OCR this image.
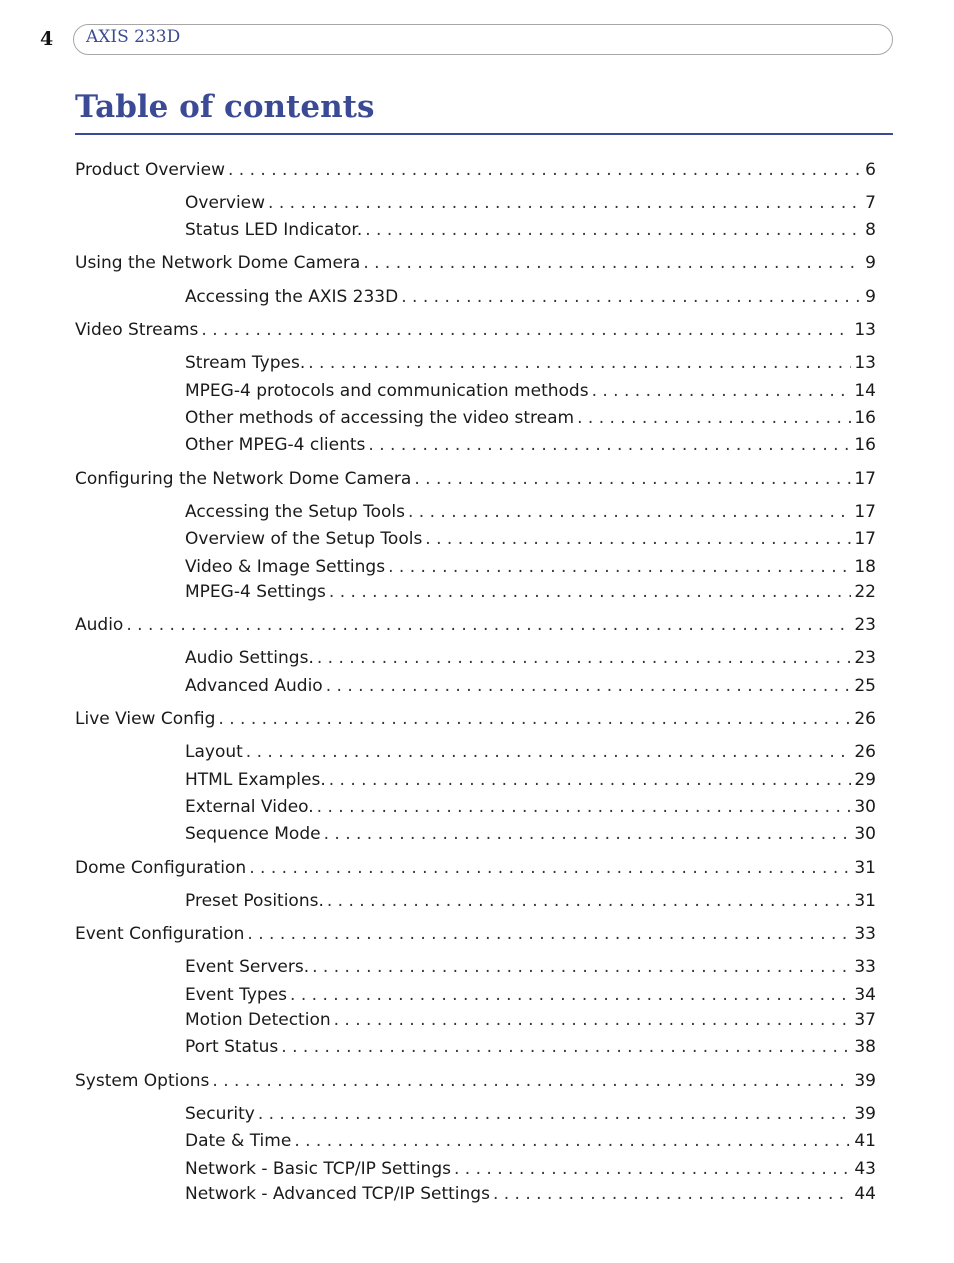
4 AXIS 233D
Table of contents
Product Overview . . .	6
Overview . . .	7
Status LED Indicator. . . .	8
Using the Network Dome Camera . . .	9
Accessing the AXIS 233D . . .	9
Video Streams . . .	13
Stream Types. . . .	13
MPEG-4 protocols and communication methods . . .	14
Other methods of accessing the video stream . . .	16
Other MPEG-4 clients . . .	16
Configuring the Network Dome Camera . . .	17
Accessing the Setup Tools . . .	17
Overview of the Setup Tools . . .	17
Video & Image Settings . . .	18
MPEG-4 Settings . . .	22
Audio . . .	23
Audio Settings. . . .	23
Advanced Audio . . .	25
Live View Config . . .	26
Layout . . .	26
HTML Examples. . . .	29
External Video. . . .	30
Sequence Mode . . .	30
Dome Configuration . . .	31
Preset Positions. . . .	31
Event Configuration . . .	33
Event Servers. . . .	33
Event Types . . .	34
Motion Detection . . .	37
Port Status . . .	38
System Options . . .	39
Security . . .	39
Date & Time . . .	41
Network - Basic TCP/IP Settings . . .	43
Network - Advanced TCP/IP Settings . . .	44
